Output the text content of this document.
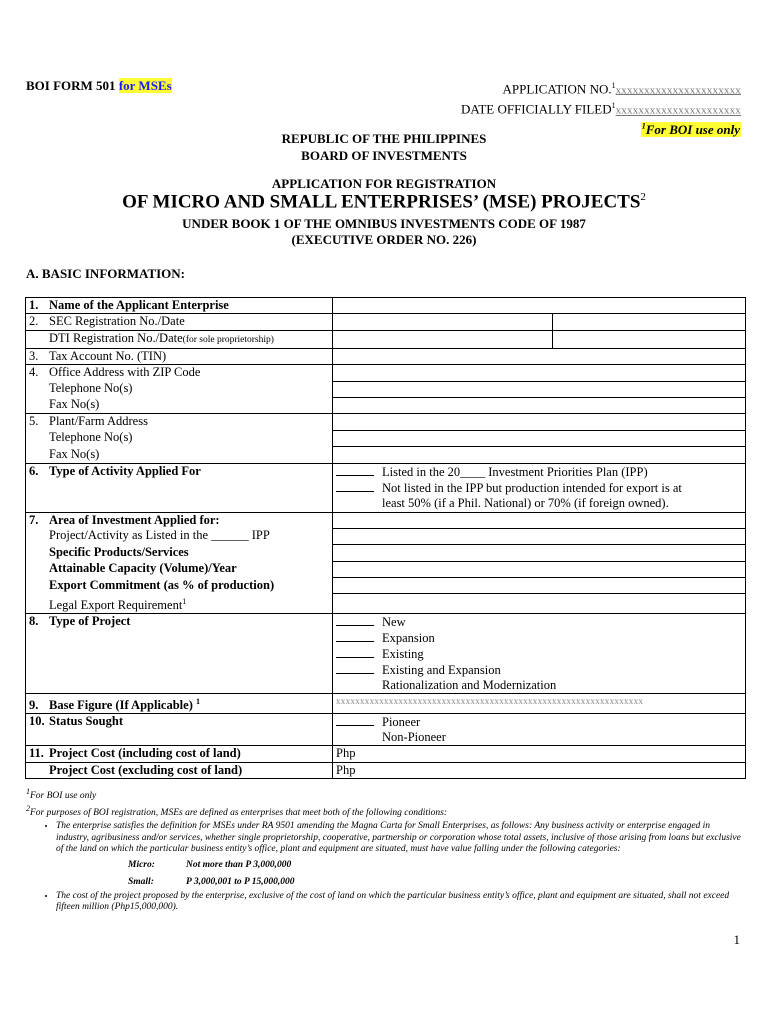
BOI FORM 501 for MSEs	APPLICATION NO.$^1$xxxxxxxxxxxxxxxxxxxxxx
DATE OFFICIALLY FILED$^1$xxxxxxxxxxxxxxxxxxxxxx
$^1$For BOI use only
REPUBLIC OF THE PHILIPPINES
BOARD OF INVESTMENTS
APPLICATION FOR REGISTRATION
OF MICRO AND SMALL ENTERPRISES’ (MSE) PROJECTS$^2$
UNDER BOOK 1 OF THE OMNIBUS INVESTMENTS CODE OF 1987
(EXECUTIVE ORDER NO. 226)
A. BASIC INFORMATION:
1. Name of the Applicant Enterprise		
2. SEC Registration No./Date		
DTI Registration No./Date(for sole proprietorship)		
3. Tax Account No. (TIN)		
4. Office Address with ZIP Code		
Telephone No(s)		
Fax No(s)		
5. Plant/Farm Address		
Telephone No(s)		
Fax No(s)		
6. Type of Activity Applied For	Listed in the 20____ Investment Priorities Plan (IPP)
Not listed in the IPP but production intended for export is at
least 50% (if a Phil. National) or 70% (if foreign owned).	

7. Area of Investment Applied for:		
Project/Activity as Listed in the ______ IPP		
Specific Products/Services		
Attainable Capacity (Volume)/Year		
Export Commitment (as % of production)		
Legal Export Requirement$^1$	
8. Type of Project	New
Expansion
Existing
Existing and Expansion
Rationalization and Modernization	

9. Base Figure (If Applicable) $^1$	xxxxxxxxxxxxxxxxxxxxxxxxxxxxxxxxxxxxxxxxxxxxxxxxxxxxxxxxxxxxxxxx	
10. Status Sought	Pioneer
Non-Pioneer	

11. Project Cost (including cost of land)	Php	
Project Cost (excluding cost of land)	Php	
$^1$For BOI use only
$^2$For purposes of BOI registration, MSEs are defined as enterprises that meet both of the following conditions:
• The enterprise satisfies the definition for MSEs under RA 9501 amending the Magna Carta for Small Enterprises, as follows: Any business activity or enterprise engaged in industry, agribusiness and/or services, whether single proprietorship, cooperative, partnership or corporation whose total assets, inclusive of those arising from loans but exclusive of the land on which the particular business entity’s office, plant and equipment are situated, must have value falling under the following categories:
Micro:	Not more than P 3,000,000
Small:	P 3,000,001 to P 15,000,000
• The cost of the project proposed by the enterprise, exclusive of the cost of land on which the particular business entity’s office, plant and equipment are situated, shall not exceed fifteen million (Php15,000,000).
1
